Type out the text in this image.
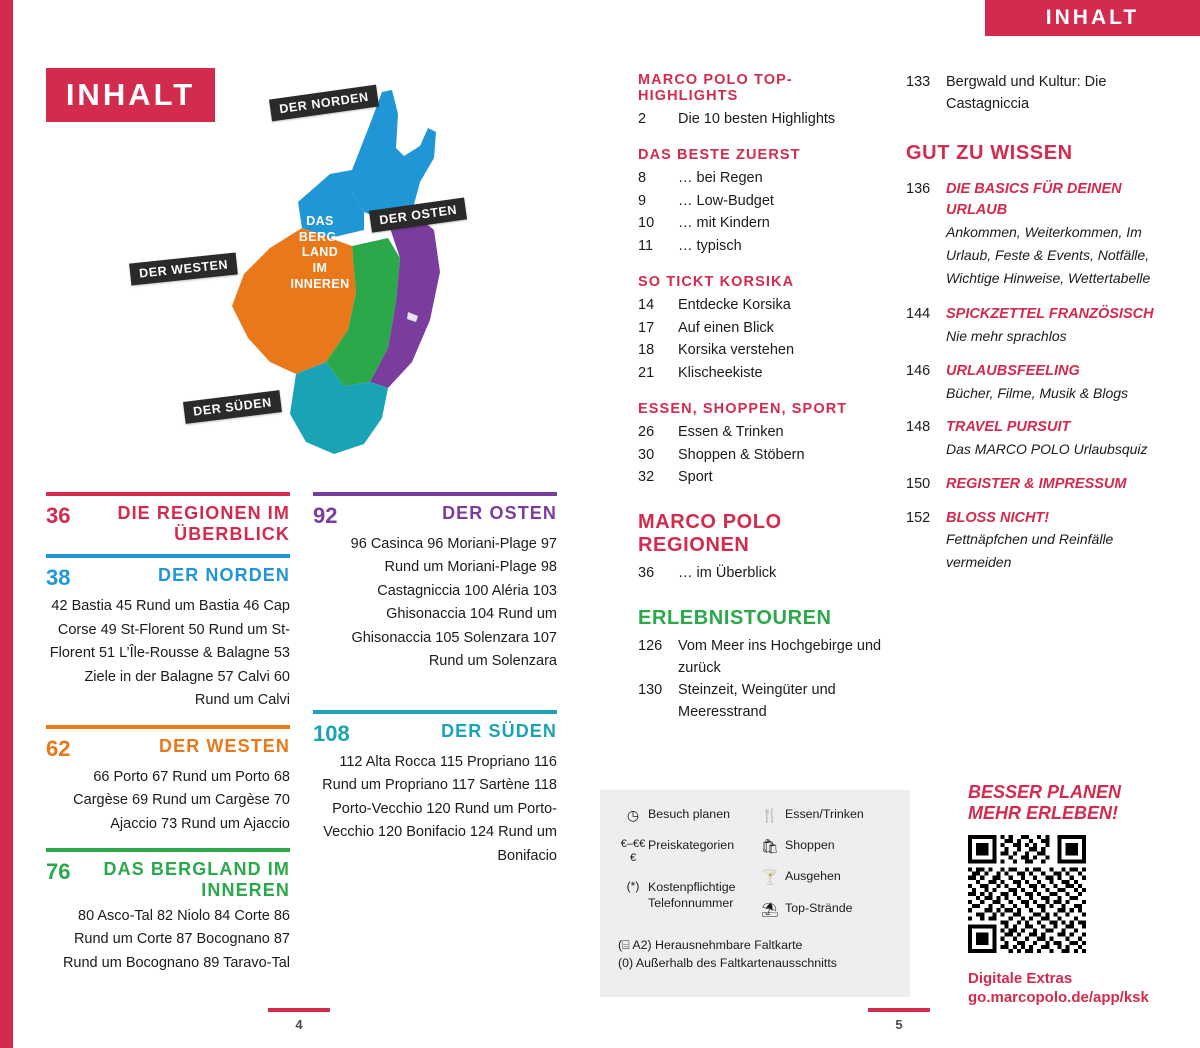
INHALT
INHALT	DER NORDEN
DER OSTEN
DER WESTEN
DER SÜDEN
DAS
BERG-
LAND
IM
INNEREN
36	DIE REGIONEN IM ÜBERBLICK
38	DER NORDEN
42 Bastia 45 Rund um Bastia 46 Cap Corse 49 St-Florent 50 Rund um St-Florent 51 L’Île-Rousse & Balagne 53 Ziele in der Balagne 57 Calvi 60 Rund um Calvi
62	DER WESTEN
66 Porto 67 Rund um Porto 68 Cargèse 69 Rund um Cargèse 70 Ajaccio 73 Rund um Ajaccio
76	DAS BERGLAND IM INNEREN
80 Asco-Tal 82 Niolo 84 Corte 86 Rund um Corte 87 Bocognano 87 Rund um Bocognano 89 Taravo-Tal
92	DER OSTEN
96 Casinca 96 Moriani-Plage 97 Rund um Moriani-Plage 98 Castagniccia 100 Aléria 103 Ghisonaccia 104 Rund um Ghisonaccia 105 Solenzara 107 Rund um Solenzara
108	DER SÜDEN
112 Alta Rocca 115 Propriano 116 Rund um Propriano 117 Sartène 118 Porto-Vecchio 120 Rund um Porto-Vecchio 120 Bonifacio 124 Rund um Bonifacio
MARCO POLO TOP-HIGHLIGHTS
2	Die 10 besten Highlights
DAS BESTE ZUERST
8	… bei Regen
9	… Low-Budget
10	… mit Kindern
11	… typisch
SO TICKT KORSIKA
14	Entdecke Korsika
17	Auf einen Blick
18	Korsika verstehen
21	Klischeekiste
ESSEN, SHOPPEN, SPORT
26	Essen & Trinken
30	Shoppen & Stöbern
32	Sport
MARCO POLO REGIONEN
36	… im Überblick
ERLEBNISTOUREN
126	Vom Meer ins Hochgebirge und zurück
130	Steinzeit, Weingüter und Meeresstrand
133	Bergwald und Kultur: Die Castagniccia
GUT ZU WISSEN
136	DIE BASICS FÜR DEINEN URLAUB
Ankommen, Weiterkommen, Im Urlaub, Feste & Events, Notfälle, Wichtige Hinweise, Wettertabelle
144	SPICKZETTEL FRANZÖSISCH
Nie mehr sprachlos
146	URLAUBSFEELING
Bücher, Filme, Musik & Blogs
148	TRAVEL PURSUIT
Das MARCO POLO Urlaubsquiz
150	REGISTER & IMPRESSUM
152	BLOSS NICHT!
Fettnäpfchen und Reinfälle vermeiden
◷ Besuch planen
€–€€€
Preiskategorien
(*) Kostenpflichtige Telefonnummer
🍴 Essen/Trinken
🛍 Shoppen
🍸 Ausgehen
⛱ Top-Strände
(⌸ A2) Herausnehmbare Faltkarte
(0) Außerhalb des Faltkartenausschnitts
BESSER PLANEN
MEHR ERLEBEN!
Digitale Extras
go.marcopolo.de/app/ksk
4	5
